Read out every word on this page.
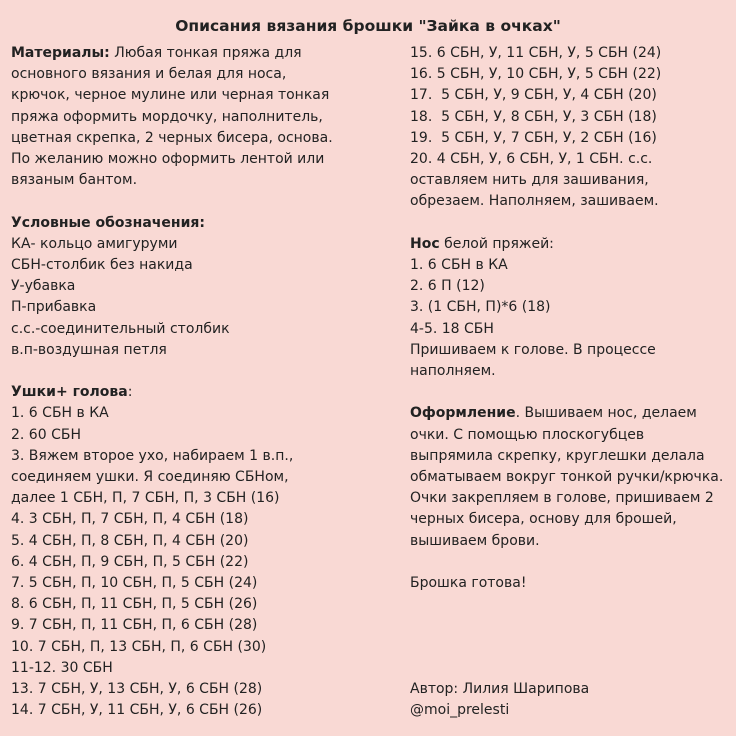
Описания вязания брошки "Зайка в очках"

Материалы: Любая тонкая пряжа для

основного вязания и белая для носа,

крючок, черное мулине или черная тонкая

пряжа оформить мордочку, наполнитель,

цветная скрепка, 2 черных бисера, основа.

По желанию можно оформить лентой или

вязаным бантом.

Условные обозначения:

КА- кольцо амигуруми

СБН-столбик без накида

У-убавка

П-прибавка

с.с.-соединительный столбик

в.п-воздушная петля

Ушки+ голова:

1. 6 СБН в КА

2. 60 СБН

3. Вяжем второе ухо, набираем 1 в.п.,

соединяем ушки. Я соединяю СБНом,

далее 1 СБН, П, 7 СБН, П, 3 СБН (16)

4. 3 СБН, П, 7 СБН, П, 4 СБН (18)

5. 4 СБН, П, 8 СБН, П, 4 СБН (20)

6. 4 СБН, П, 9 СБН, П, 5 СБН (22)

7. 5 СБН, П, 10 СБН, П, 5 СБН (24)

8. 6 СБН, П, 11 СБН, П, 5 СБН (26)

9. 7 СБН, П, 11 СБН, П, 6 СБН (28)

10. 7 СБН, П, 13 СБН, П, 6 СБН (30)

11-12. 30 СБН

13. 7 СБН, У, 13 СБН, У, 6 СБН (28)

14. 7 СБН, У, 11 СБН, У, 6 СБН (26)

15. 6 СБН, У, 11 СБН, У, 5 СБН (24)

16. 5 СБН, У, 10 СБН, У, 5 СБН (22)

17.  5 СБН, У, 9 СБН, У, 4 СБН (20)

18.  5 СБН, У, 8 СБН, У, 3 СБН (18)

19.  5 СБН, У, 7 СБН, У, 2 СБН (16)

20. 4 СБН, У, 6 СБН, У, 1 СБН. с.с.

оставляем нить для зашивания,

обрезаем. Наполняем, зашиваем.

Нос белой пряжей:

1. 6 СБН в КА

2. 6 П (12)

3. (1 СБН, П)*6 (18)

4-5. 18 СБН

Пришиваем к голове. В процессе

наполняем.

Оформление. Вышиваем нос, делаем

очки. С помощью плоскогубцев

выпрямила скрепку, круглешки делала

обматываем вокруг тонкой ручки/крючка.

Очки закрепляем в голове, пришиваем 2

черных бисера, основу для брошей,

вышиваем брови.

Брошка готова!

Автор: Лилия Шарипова

@moi_prelesti
